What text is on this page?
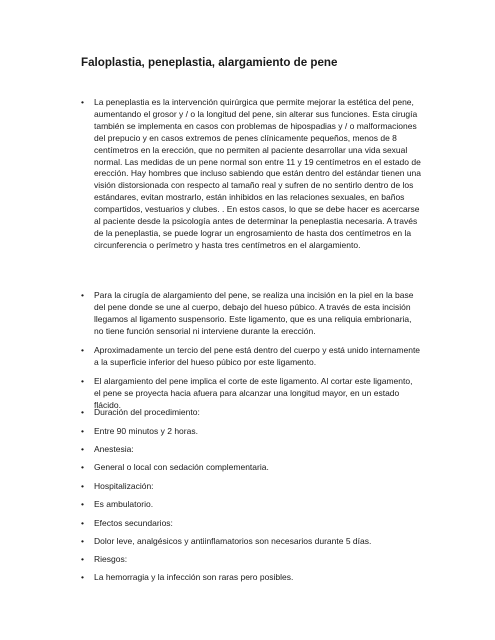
Faloplastia, peneplastia, alargamiento de pene
• La peneplastia es la intervención quirúrgica que permite mejorar la estética del pene, aumentando el grosor y / o la longitud del pene, sin alterar sus funciones. Esta cirugía también se implementa en casos con problemas de hipospadias y / o malformaciones del prepucio y en casos extremos de penes clínicamente pequeños, menos de 8 centímetros en la erección, que no permiten al paciente desarrollar una vida sexual normal. Las medidas de un pene normal son entre 11 y 19 centímetros en el estado de erección. Hay hombres que incluso sabiendo que están dentro del estándar tienen una visión distorsionada con respecto al tamaño real y sufren de no sentirlo dentro de los estándares, evitan mostrarlo, están inhibidos en las relaciones sexuales, en baños compartidos, vestuarios y clubes. . En estos casos, lo que se debe hacer es acercarse al paciente desde la psicología antes de determinar la peneplastia necesaria. A través de la peneplastia, se puede lograr un engrosamiento de hasta dos centímetros en la circunferencia o perímetro y hasta tres centímetros en el alargamiento.
• Para la cirugía de alargamiento del pene, se realiza una incisión en la piel en la base del pene donde se une al cuerpo, debajo del hueso púbico. A través de esta incisión llegamos al ligamento suspensorio. Este ligamento, que es una reliquia embrionaria, no tiene función sensorial ni interviene durante la erección.
• Aproximadamente un tercio del pene está dentro del cuerpo y está unido internamente a la superficie inferior del hueso púbico por este ligamento.
• El alargamiento del pene implica el corte de este ligamento. Al cortar este ligamento, el pene se proyecta hacia afuera para alcanzar una longitud mayor, en un estado flácido.
• Duración del procedimiento:
• Entre 90 minutos y 2 horas.
• Anestesia:
• General o local con sedación complementaria.
• Hospitalización:
• Es ambulatorio.
• Efectos secundarios:
• Dolor leve, analgésicos y antiinflamatorios son necesarios durante 5 días.
• Riesgos:
• La hemorragia y la infección son raras pero posibles.
